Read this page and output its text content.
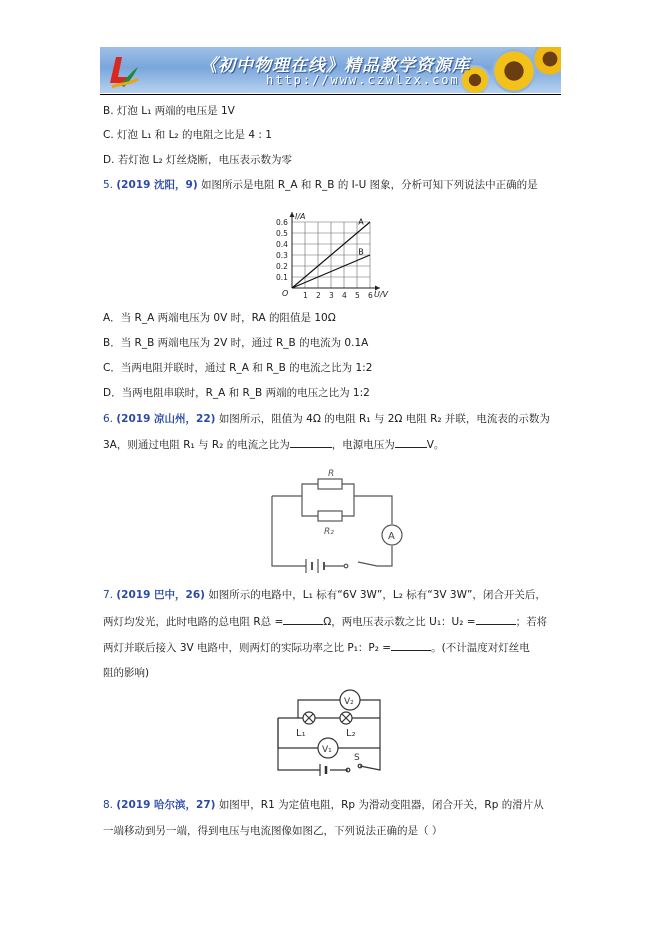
《初中物理在线》精品教学资源库
http://www.czwlzx.com
B. 灯泡 L₁ 两端的电压是 1V
C. 灯泡 L₁ 和 L₂ 的电阻之比是 4 : 1
D. 若灯泡 L₂ 灯丝烧断，电压表示数为零
5. (2019 沈阳，9) 如图所示是电阻 R_A 和 R_B 的 I-U 图象，分析可知下列说法中正确的是
1 2 3 4 5 6
0.1
0.2
0.3
0.4
0.5
0.6
O	U/V
I/A
A
B
A．当 R_A 两端电压为 0V 时，RA 的阻值是 10Ω
B．当 R_B 两端电压为 2V 时，通过 R_B 的电流为 0.1A
C．当两电阻并联时，通过 R_A 和 R_B 的电流之比为 1:2
D．当两电阻串联时，R_A 和 R_B 两端的电压之比为 1:2
6. (2019 凉山州，22) 如图所示，阻值为 4Ω 的电阻 R₁ 与 2Ω 电阻 R₂ 并联，电流表的示数为
3A，则通过电阻 R₁ 与 R₂ 的电流之比为	，电源电压为	V。
R
R₂	A
7. (2019 巴中，26) 如图所示的电路中，L₁ 标有“6V 3W”，L₂ 标有“3V 3W”，闭合开关后，
两灯均发光，此时电路的总电阻 R总 =	Ω，两电压表示数之比 U₁：U₂ =	；若将
两灯并联后接入 3V 电路中，则两灯的实际功率之比 P₁：P₂ =	。(不计温度对灯丝电
阻的影响)
V₂
V₁
L₁	L₂
S
8. (2019 哈尔滨，27) 如图甲，R1 为定值电阻，Rp 为滑动变阻器，闭合开关，Rp 的滑片从
一端移动到另一端，得到电压与电流图像如图乙，下列说法正确的是（ ）
